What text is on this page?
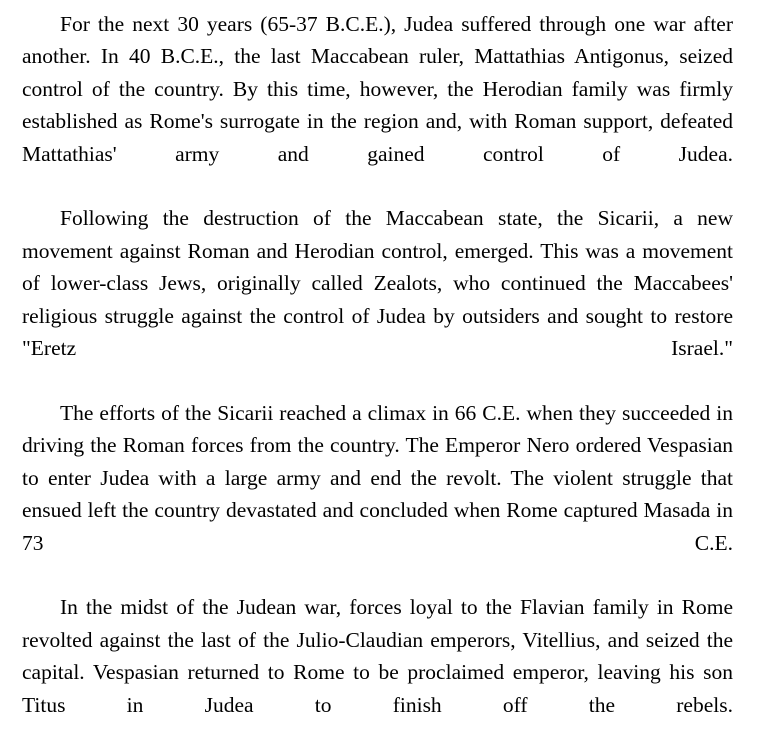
For the next 30 years (65-37 B.C.E.), Judea suffered through one war after another. In 40 B.C.E., the last Maccabean ruler, Mattathias Antigonus, seized control of the country. By this time, however, the Herodian family was firmly established as Rome's surrogate in the region and, with Roman support, defeated Mattathias' army and gained control of Judea.

Following the destruction of the Maccabean state, the Sicarii, a new movement against Roman and Herodian control, emerged. This was a movement of lower-class Jews, originally called Zealots, who continued the Maccabees' religious struggle against the control of Judea by outsiders and sought to restore "Eretz Israel."

The efforts of the Sicarii reached a climax in 66 C.E. when they succeeded in driving the Roman forces from the country. The Emperor Nero ordered Vespasian to enter Judea with a large army and end the revolt. The violent struggle that ensued left the country devastated and concluded when Rome captured Masada in 73 C.E.

In the midst of the Judean war, forces loyal to the Flavian family in Rome revolted against the last of the Julio-Claudian emperors, Vitellius, and seized the capital. Vespasian returned to Rome to be proclaimed emperor, leaving his son Titus in Judea to finish off the rebels.
